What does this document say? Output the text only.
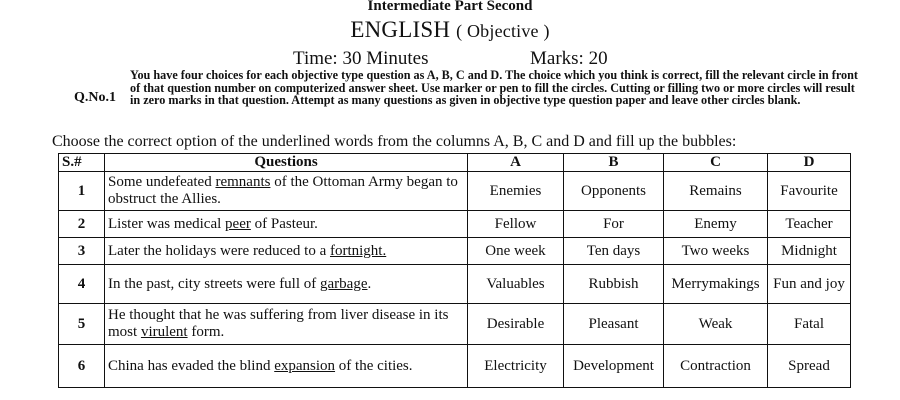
Intermediate Part Second
ENGLISH ( Objective )
Time: 30 Minutes	Marks: 20
Q.No.1
You have four choices for each objective type question as A, B, C and D. The choice which you think is correct, fill the relevant circle in front of that question number on computerized answer sheet. Use marker or pen to fill the circles. Cutting or filling two or more circles will result in zero marks in that question. Attempt as many questions as given in objective type question paper and leave other circles blank.
Choose the correct option of the underlined words from the columns A, B, C and D and fill up the bubbles:
S.#	Questions	A	B	C	D
1	Some undefeated remnants of the Ottoman Army began to obstruct the Allies.	Enemies	Opponents	Remains	Favourite
2	Lister was medical peer of Pasteur.	Fellow	For	Enemy	Teacher
3	Later the holidays were reduced to a fortnight.	One week	Ten days	Two weeks	Midnight
4	In the past, city streets were full of garbage.	Valuables	Rubbish	Merrymakings	Fun and joy
5	He thought that he was suffering from liver disease in its most virulent form.	Desirable	Pleasant	Weak	Fatal
6	China has evaded the blind expansion of the cities.	Electricity	Development	Contraction	Spread
